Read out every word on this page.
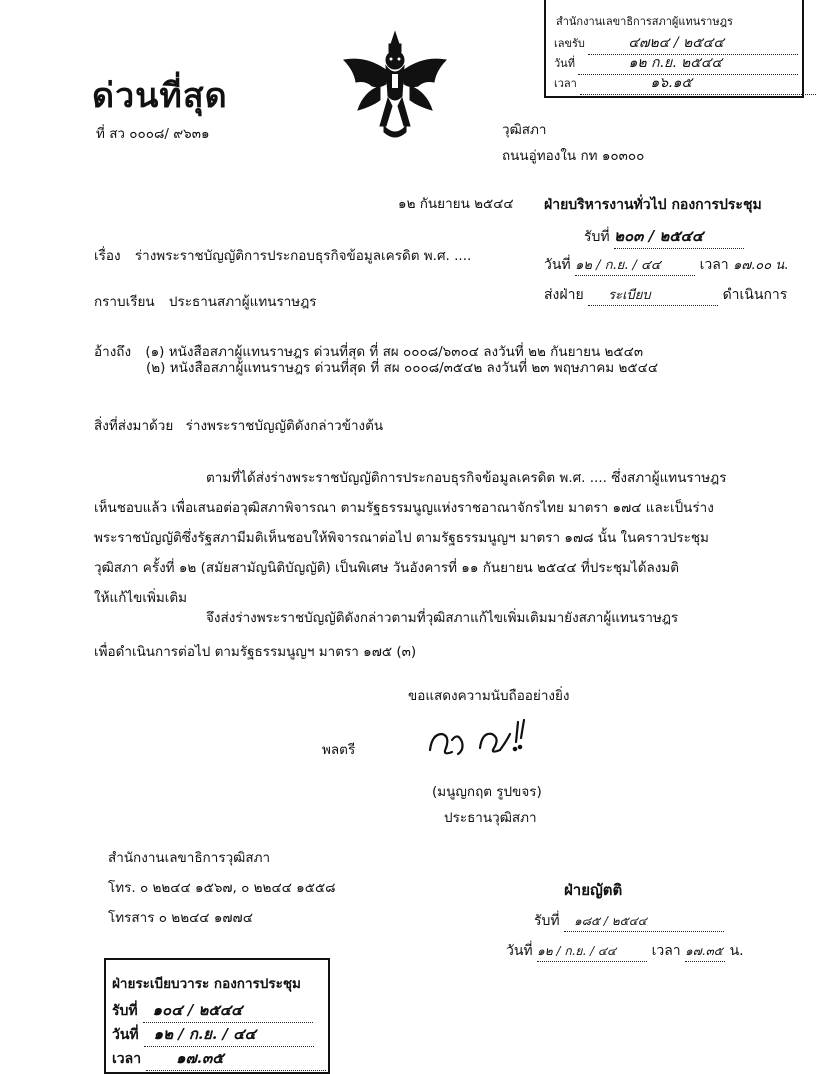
สำนักงานเลขาธิการสภาผู้แทนราษฎร
เลขรับ	๔๗๒๔ / ๒๕๔๔
วันที่	๑๒ ก.ย. ๒๕๔๔
เวลา	๑๖.๑๕
ด่วนที่สุด
ที่ สว ๐๐๐๘/ ๙๖๓๑	วุฒิสภา
ถนนอู่ทองใน กท ๑๐๓๐๐
๑๒ กันยายน ๒๕๔๔ ฝ่ายบริหารงานทั่วไป กองการประชุม
รับที่ ๒๐๓ / ๒๕๔๔
วันที่ ๑๒ / ก.ย. / ๔๔	เวลา ๑๗.๐๐ น.
ส่งฝ่าย ระเบียบ	ดำเนินการ
เรื่อง ร่างพระราชบัญญัติการประกอบธุรกิจข้อมูลเครดิต พ.ศ. ....
กราบเรียน ประธานสภาผู้แทนราษฎร
อ้างถึง (๑) หนังสือสภาผู้แทนราษฎร ด่วนที่สุด ที่ สผ ๐๐๐๘/๖๓๐๔ ลงวันที่ ๒๒ กันยายน ๒๕๔๓
(๒) หนังสือสภาผู้แทนราษฎร ด่วนที่สุด ที่ สผ ๐๐๐๘/๓๕๔๒ ลงวันที่ ๒๓ พฤษภาคม ๒๕๔๔
สิ่งที่ส่งมาด้วย ร่างพระราชบัญญัติดังกล่าวข้างต้น
ตามที่ได้ส่งร่างพระราชบัญญัติการประกอบธุรกิจข้อมูลเครดิต พ.ศ. .... ซึ่งสภาผู้แทนราษฎร
เห็นชอบแล้ว เพื่อเสนอต่อวุฒิสภาพิจารณา ตามรัฐธรรมนูญแห่งราชอาณาจักรไทย มาตรา ๑๗๔ และเป็นร่าง
พระราชบัญญัติซึ่งรัฐสภามีมติเห็นชอบให้พิจารณาต่อไป ตามรัฐธรรมนูญฯ มาตรา ๑๗๘ นั้น ในคราวประชุม
วุฒิสภา ครั้งที่ ๑๒ (สมัยสามัญนิติบัญญัติ) เป็นพิเศษ วันอังคารที่ ๑๑ กันยายน ๒๕๔๔ ที่ประชุมได้ลงมติ
ให้แก้ไขเพิ่มเติม
จึงส่งร่างพระราชบัญญัติดังกล่าวตามที่วุฒิสภาแก้ไขเพิ่มเติมมายังสภาผู้แทนราษฎร
เพื่อดำเนินการต่อไป ตามรัฐธรรมนูญฯ มาตรา ๑๗๕ (๓)
ขอแสดงความนับถืออย่างยิ่ง
พลตรี
(มนูญกฤต รูปขจร)
ประธานวุฒิสภา
สำนักงานเลขาธิการวุฒิสภา
โทร. ๐ ๒๒๔๔ ๑๕๖๗, ๐ ๒๒๔๔ ๑๕๕๘
โทรสาร ๐ ๒๒๔๔ ๑๗๗๔
ฝ่ายญัตติ
รับที่ ๑๘๕ / ๒๕๔๔
วันที่ ๑๒ / ก.ย. / ๔๔	เวลา ๑๗.๓๕ น.
ฝ่ายระเบียบวาระ กองการประชุม
รับที่ ๑๐๔ / ๒๕๔๔
วันที่ ๑๒ / ก.ย. / ๔๔
เวลา ๑๗.๓๕
